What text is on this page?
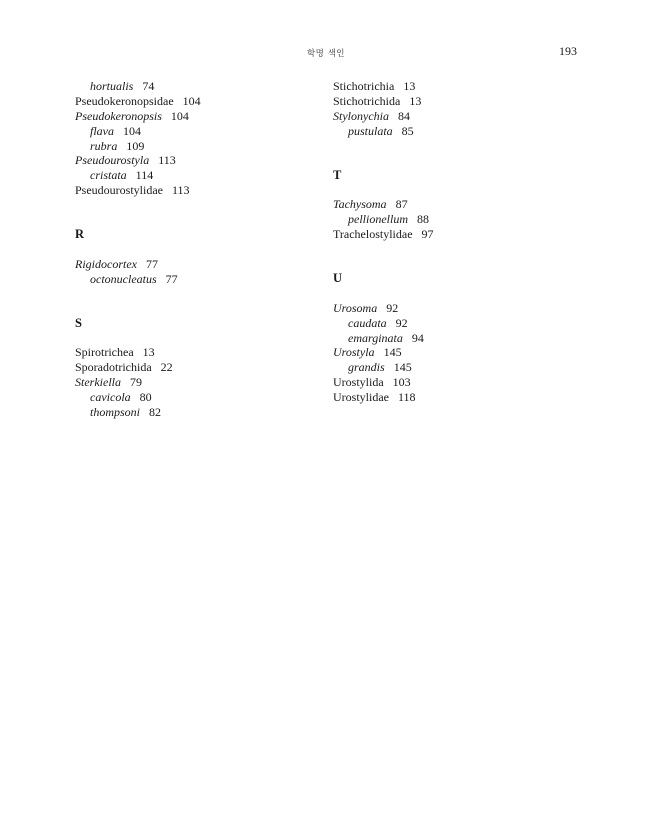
학명 색인	193
hortualis 74
Pseudokeronopsidae 104
Pseudokeronopsis 104
flava 104
rubra 109
Pseudourostyla 113
cristata 114
Pseudourostylidae 113
R
Rigidocortex 77
octonucleatus 77
S
Spirotrichea 13
Sporadotrichida 22
Sterkiella 79
cavicola 80
thompsoni 82
Stichotrichia 13
Stichotrichida 13
Stylonychia 84
pustulata 85
T
Tachysoma 87
pellionellum 88
Trachelostylidae 97
U
Urosoma 92
caudata 92
emarginata 94
Urostyla 145
grandis 145
Urostylida 103
Urostylidae 118
